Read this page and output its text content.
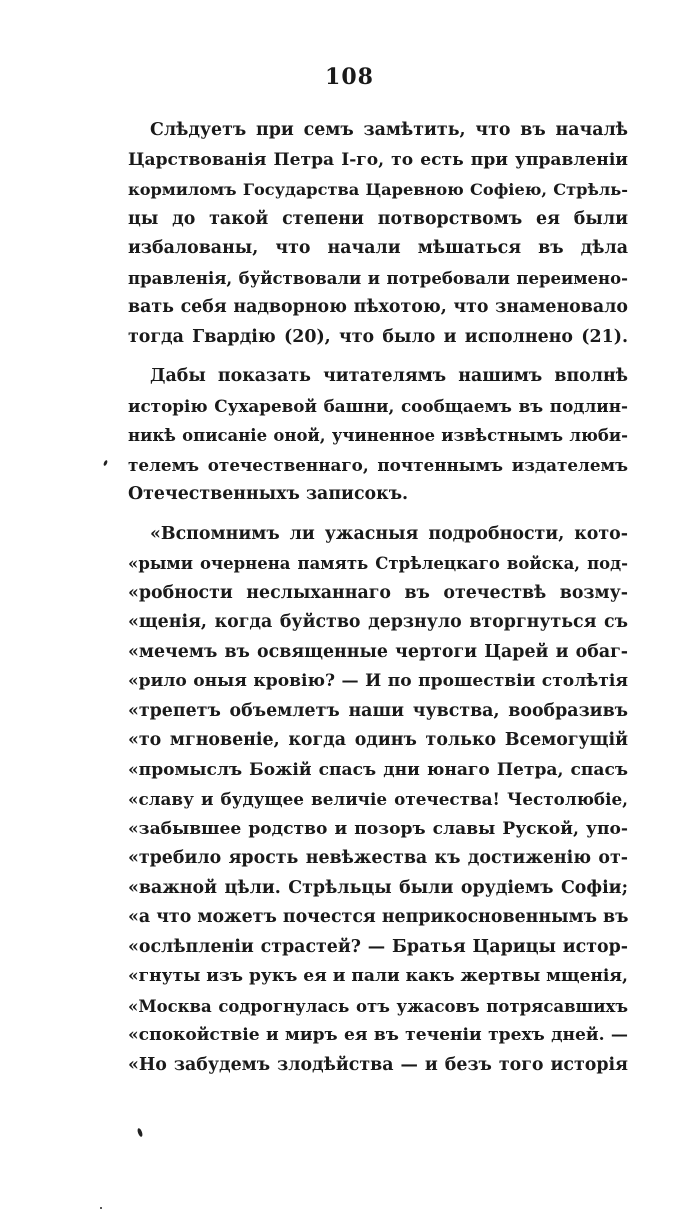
108
Слѣдуетъ при семъ замѣтить, что въ началѣ
Царствованія Петра I-го, то есть при управленіи
кормиломъ Государства Царевною Софіею, Стрѣль-
цы до такой степени потворствомъ ея были
избалованы, что начали мѣшаться въ дѣла
правленія, буйствовали и потребовали переимено-
вать себя надворною пѣхотою, что знаменовало
тогда Гвардію (20), что было и исполнено (21).
Дабы показать читателямъ нашимъ вполнѣ
исторію Сухаревой башни, сообщаемъ въ подлин-
никѣ описаніе оной, учиненное извѣстнымъ люби-
телемъ отечественнаго, почтеннымъ издателемъ
Отечественныхъ записокъ.
«Вспомнимъ ли ужасныя подробности, кото-
«рыми очернена память Стрѣлецкаго войска, под-
«робности неслыханнаго въ отечествѣ возму-
«щенія, когда буйство дерзнуло вторгнуться съ
«мечемъ въ освященные чертоги Царей и обаг-
«рило оныя кровію? — И по прошествіи столѣтія
«трепетъ объемлетъ наши чувства, вообразивъ
«то мгновеніе, когда одинъ только Всемогущій
«промыслъ Божій спасъ дни юнаго Петра, спасъ
«славу и будущее величіе отечества! Честолюбіе,
«забывшее родство и позоръ славы Руской, упо-
«требило ярость невѣжества къ достиженію от-
«важной цѣли. Стрѣльцы были орудіемъ Софіи;
«а что можетъ почестся неприкосновеннымъ въ
«ослѣпленіи страстей? — Братья Царицы истор-
«гнуты изъ рукъ ея и пали какъ жертвы мщенія,
«Москва содрогнулась отъ ужасовъ потрясавшихъ
«спокойствіе и миръ ея въ теченіи трехъ дней. —
«Но забудемъ злодѣйства — и безъ того исторія
